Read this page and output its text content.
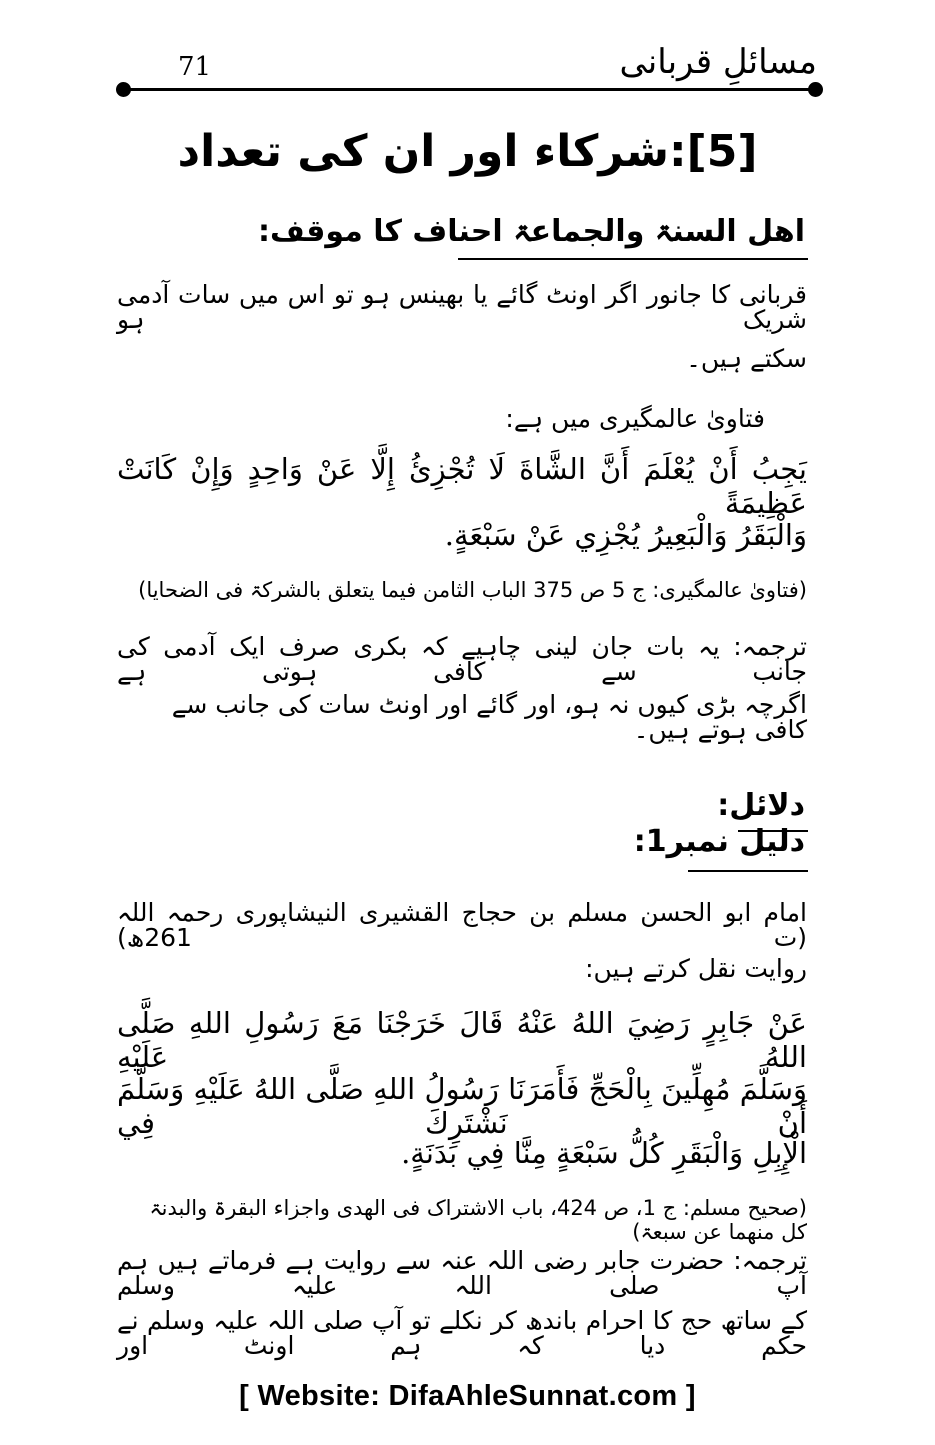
مسائلِ قربانی
71
[5]:شرکاء اور ان کی تعداد
اھل السنۃ والجماعۃ احناف کا موقف:
قربانی کا جانور اگر اونٹ گائے یا بھینس ہو تو اس میں سات آدمی شریک ہو
سکتے ہیں۔
فتاویٰ عالمگیری میں ہے:
يَجِبُ أَنْ يُعْلَمَ أَنَّ الشَّاةَ لَا تُجْزِئُ إِلَّا عَنْ وَاحِدٍ وَإِنْ كَانَتْ عَظِيمَةً
وَالْبَقَرُ وَالْبَعِيرُ يُجْزِي عَنْ سَبْعَةٍ.
(فتاویٰ عالمگیری: ج 5 ص 375 الباب الثامن فیما یتعلق بالشرکۃ فی الضحایا)
ترجمہ: یہ بات جان لینی چاہیے کہ بکری صرف ایک آدمی کی جانب سے کافی ہوتی ہے
اگرچہ بڑی کیوں نہ ہو، اور گائے اور اونٹ سات کی جانب سے کافی ہوتے ہیں۔
دلائل:
دلیل نمبر1:
امام ابو الحسن مسلم بن حجاج القشیری النیشاپوری رحمہ اللہ (ت 261ھ)
روایت نقل کرتے ہیں:
عَنْ جَابِرٍ رَضِيَ اللهُ عَنْهُ قَالَ خَرَجْنَا مَعَ رَسُولِ اللهِ صَلَّى اللهُ عَلَيْهِ
وَسَلَّمَ مُهِلِّينَ بِالْحَجِّ فَأَمَرَنَا رَسُولُ اللهِ صَلَّى اللهُ عَلَيْهِ وَسَلَّمَ أَنْ نَشْتَرِكَ فِي
الْإِبِلِ وَالْبَقَرِ كُلُّ سَبْعَةٍ مِنَّا فِي بَدَنَةٍ.
(صحیح مسلم: ج 1، ص 424، باب الاشتراک فی الھدی واجزاء البقرۃ والبدنۃ کل منھما عن سبعۃ)
ترجمہ: حضرت جابر رضی اللہ عنہ سے روایت ہے فرماتے ہیں ہم آپ صلی اللہ علیہ وسلم
کے ساتھ حج کا احرام باندھ کر نکلے تو آپ صلی اللہ علیہ وسلم نے حکم دیا کہ ہم اونٹ اور
[ Website: DifaAhleSunnat.com ]
